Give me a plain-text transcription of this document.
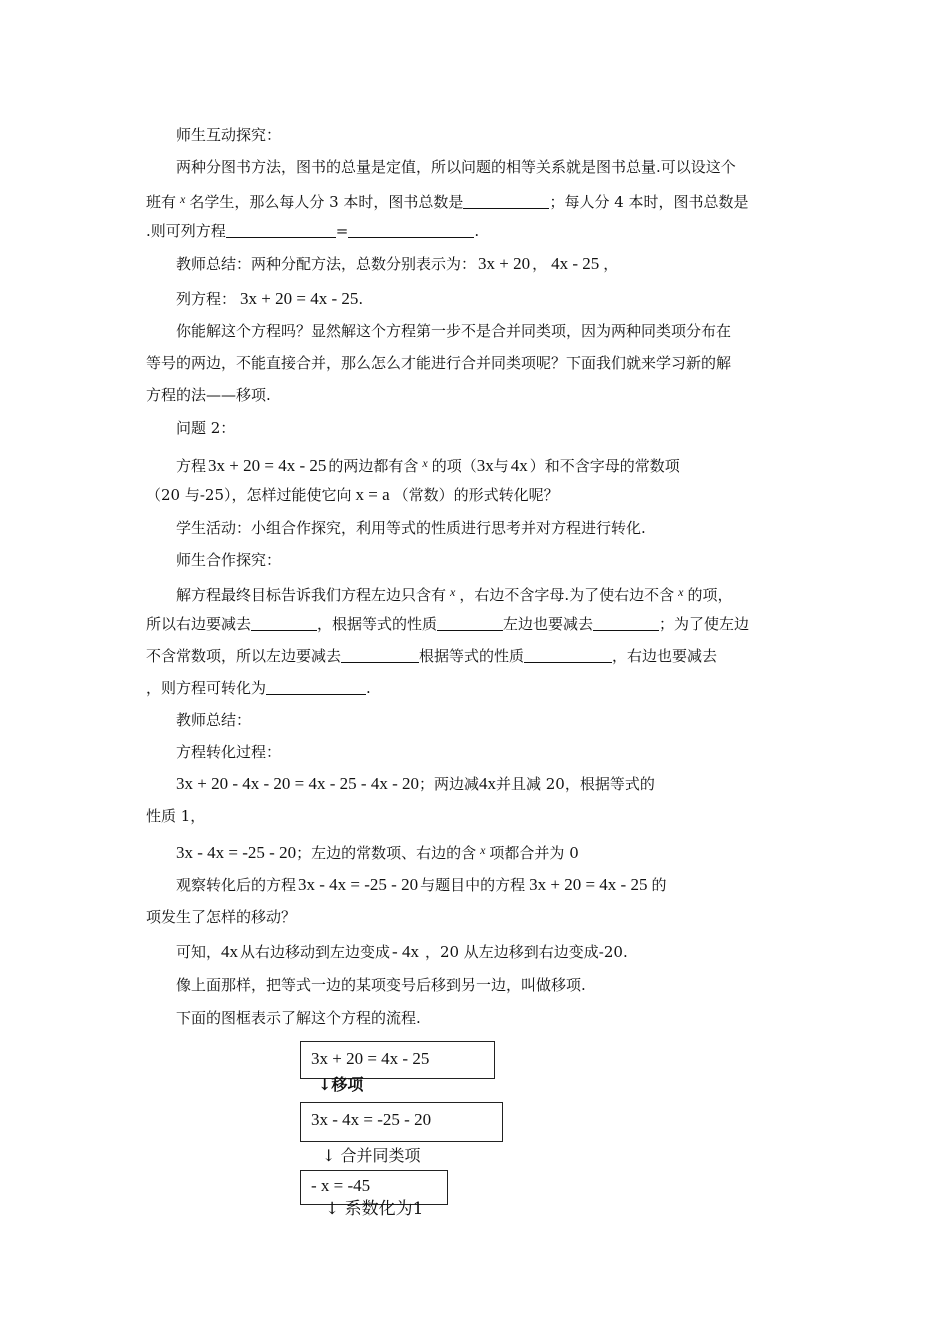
师生互动探究：
两种分图书方法，图书的总量是定值，所以问题的相等关系就是图书总量.可以设这个
班有 $^x$ 名学生，那么每人分 3 本时，图书总数是	；每人分 4 本时，图书总数是
.则可列方程	=	.
教师总结：两种分配方法，总数分别表示为： 3x + 20 ， 4x - 25 ，
列方程： 3x + 20 = 4x - 25.
你能解这个方程吗？显然解这个方程第一步不是合并同类项，因为两种同类项分布在
等号的两边，不能直接合并，那么怎么才能进行合并同类项呢？下面我们就来学习新的解
方程的法——移项.
问题 2：
方程 3x + 20 = 4x - 25 的两边都有含 $^x$ 的项（3x与 4x ）和不含字母的常数项
（20 与-25），怎样过能使它向 x = a （常数）的形式转化呢？
学生活动：小组合作探究，利用等式的性质进行思考并对方程进行转化.
师生合作探究：
解方程最终目标告诉我们方程左边只含有 $^x$ ，右边不含字母.为了使右边不含 $^x$ 的项，
所以右边要减去	，根据等式的性质	左边也要减去	；为了使左边
不含常数项，所以左边要减去	根据等式的性质	，右边也要减去
，则方程可转化为	.
教师总结：
方程转化过程：
3x + 20 - 4x - 20 = 4x - 25 - 4x - 20；两边减4x并且减 20，根据等式的
性质 1，
3x - 4x = -25 - 20；左边的常数项、右边的含 $^x$ 项都合并为 0
观察转化后的方程 3x - 4x = -25 - 20 与题目中的方程 3x + 20 = 4x - 25 的
项发生了怎样的移动？
可知，4x 从右边移动到左边变成 - 4x ，20 从左边移到右边变成-20.
像上面那样，把等式一边的某项变号后移到另一边，叫做移项.
下面的图框表示了解这个方程的流程.
3x + 20 = 4x - 25
↓移项
3x - 4x = -25 - 20
↓ 合并同类项
- x = -45
↓ 系数化为1
